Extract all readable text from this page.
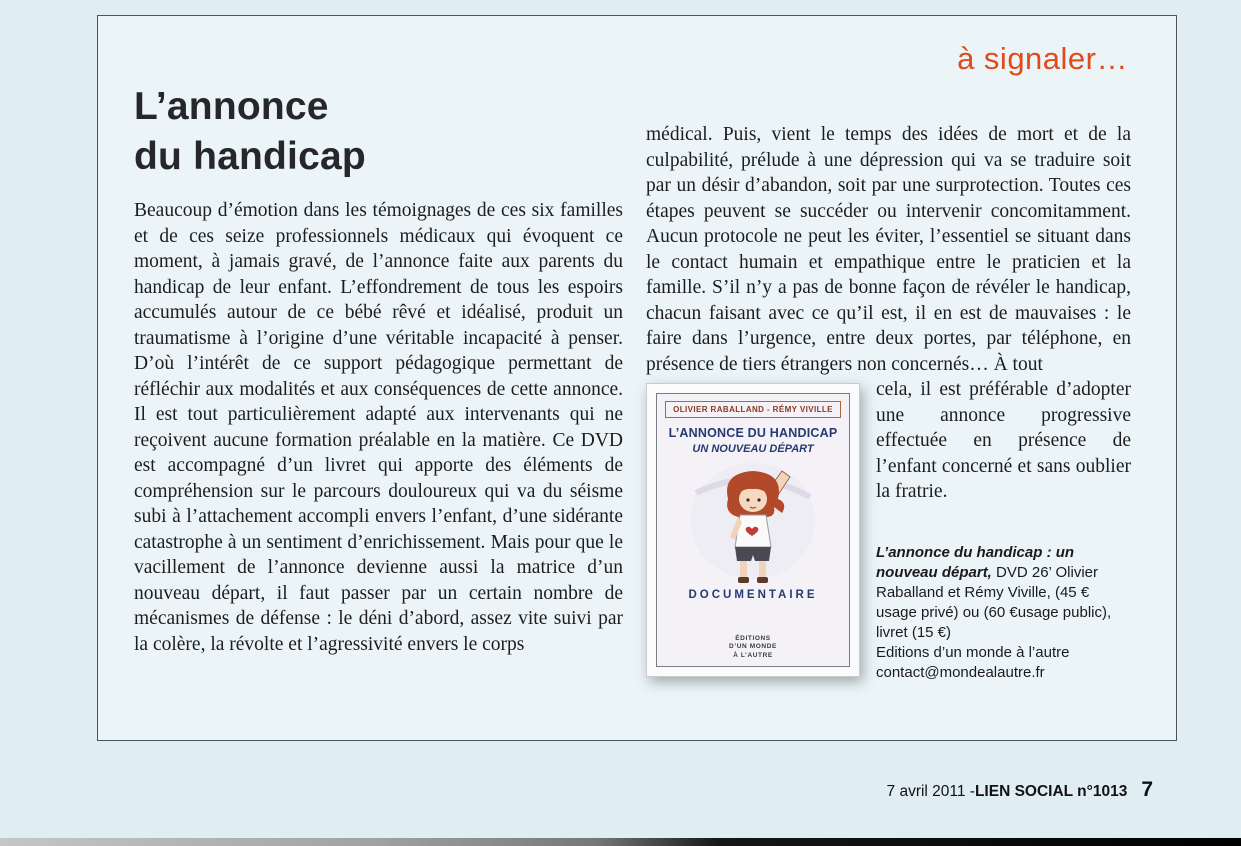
à signaler…
L’annonce
du handicap
Beaucoup d’émotion dans les témoignages de ces six familles et de ces seize professionnels médicaux qui évoquent ce moment, à jamais gravé, de l’annonce faite aux parents du handicap de leur enfant. L’effondrement de tous les espoirs accumulés autour de ce bébé rêvé et idéalisé, produit un traumatisme à l’origine d’une véritable incapacité à penser. D’où l’intérêt de ce support pédagogique permettant de réfléchir aux modalités et aux conséquences de cette annonce. Il est tout particulièrement adapté aux intervenants qui ne reçoivent aucune formation préalable en la matière. Ce DVD est accompagné d’un livret qui apporte des éléments de compréhension sur le parcours douloureux qui va du séisme subi à l’attachement accompli envers l’enfant, d’une sidérante catastrophe à un sentiment d’enrichissement. Mais pour que le vacillement de l’annonce devienne aussi la matrice d’un nouveau départ, il faut passer par un certain nombre de mécanismes de défense : le déni d’abord, assez vite suivi par la colère, la révolte et l’agressivité envers le corps

médical. Puis, vient le temps des idées de mort et de la culpabilité, prélude à une dépression qui va se traduire soit par un désir d’abandon, soit par une surprotection. Toutes ces étapes peuvent se succéder ou intervenir concomitamment. Aucun protocole ne peut les éviter, l’essentiel se situant dans le contact humain et empathique entre le praticien et la famille. S’il n’y a pas de bonne façon de révéler le handicap, chacun faisant avec ce qu’il est, il en est de mauvaises : le faire dans l’urgence, entre deux portes, par téléphone, en présence de tiers étrangers non concernés… À tout

OLIVIER RABALLAND - RÉMY VIVILLE
L’ANNONCE DU HANDICAP
UN NOUVEAU DÉPART
DOCUMENTAIRE
ÉDITIONS
D’UN MONDE
À L’AUTRE

cela, il est préférable d’adopter une annonce progressive effectuée en présence de l’enfant concerné et sans oublier la fratrie.

L’annonce du handicap : un nouveau départ, DVD 26’ Olivier Raballand et Rémy Viville, (45 € usage privé) ou (60 €usage public), livret (15 €)

Editions d’un monde à l’autre

contact@mondealautre.fr

7 avril 2011 - LIEN SOCIAL n°1013 7
